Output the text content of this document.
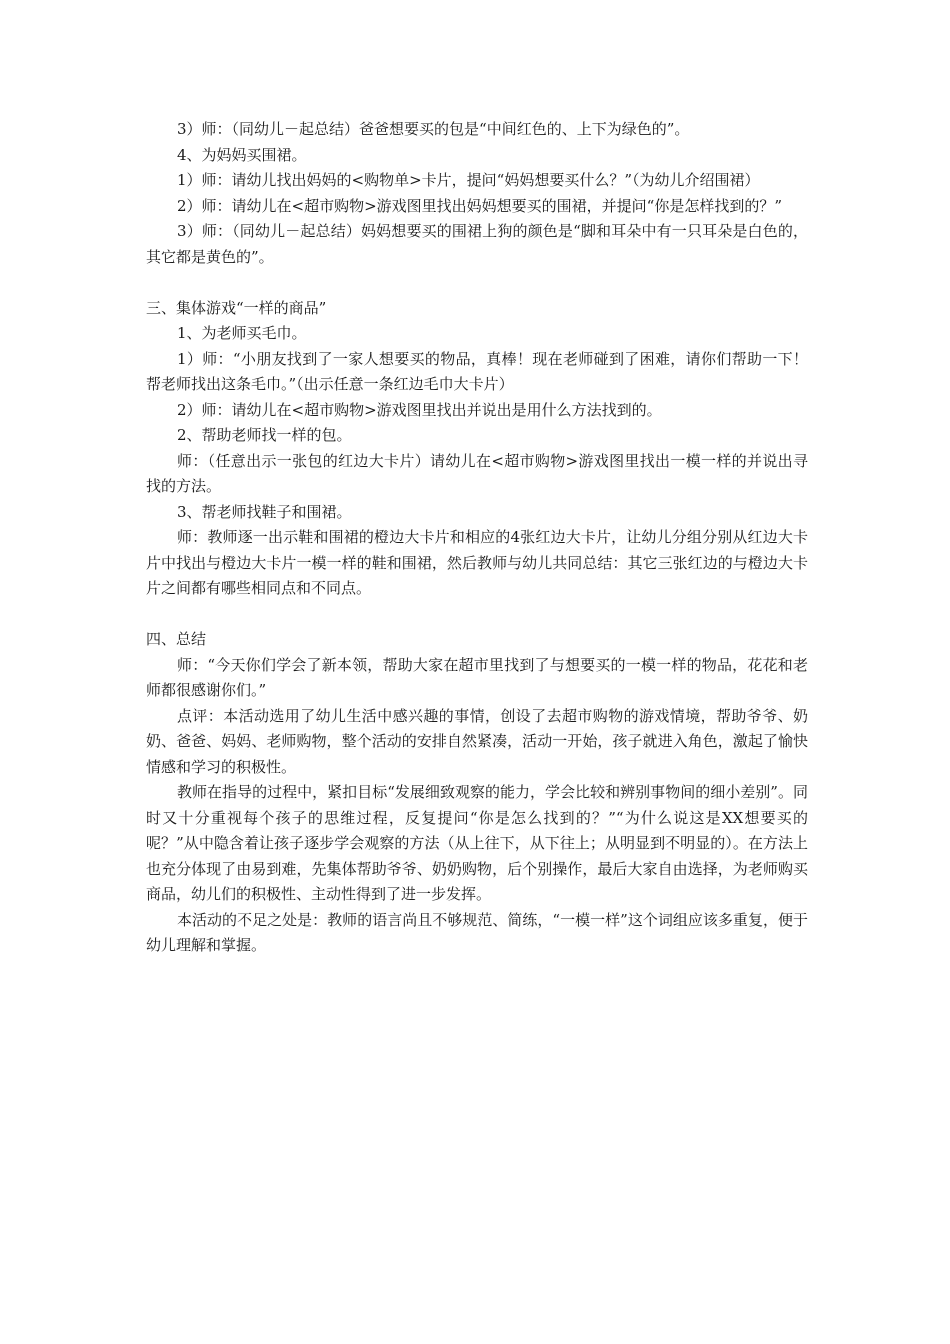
3）师：（同幼儿－起总结）爸爸想要买的包是“中间红色的、上下为绿色的”。

4、为妈妈买围裙。

1）师：请幼儿找出妈妈的<购物单>卡片，提问“妈妈想要买什么？”（为幼儿介绍围裙）

2）师：请幼儿在<超市购物>游戏图里找出妈妈想要买的围裙，并提问“你是怎样找到的？”

3）师：（同幼儿－起总结）妈妈想要买的围裙上狗的颜色是“脚和耳朵中有一只耳朵是白色的，其它都是黄色的”。

三、集体游戏“一样的商品”

1、为老师买毛巾。

1）师：“小朋友找到了一家人想要买的物品，真棒！现在老师碰到了困难，请你们帮助一下！帮老师找出这条毛巾。”（出示任意一条红边毛巾大卡片）

2）师：请幼儿在<超市购物>游戏图里找出并说出是用什么方法找到的。

2、帮助老师找一样的包。

师：（任意出示一张包的红边大卡片）请幼儿在<超市购物>游戏图里找出一模一样的并说出寻找的方法。

3、帮老师找鞋子和围裙。

师：教师逐一出示鞋和围裙的橙边大卡片和相应的4张红边大卡片，让幼儿分组分别从红边大卡片中找出与橙边大卡片一模一样的鞋和围裙，然后教师与幼儿共同总结：其它三张红边的与橙边大卡片之间都有哪些相同点和不同点。

四、总结

师：“今天你们学会了新本领，帮助大家在超市里找到了与想要买的一模一样的物品，花花和老师都很感谢你们。”

点评：本活动选用了幼儿生活中感兴趣的事情，创设了去超市购物的游戏情境，帮助爷爷、奶奶、爸爸、妈妈、老师购物，整个活动的安排自然紧凑，活动一开始，孩子就进入角色，激起了愉快情感和学习的积极性。

教师在指导的过程中，紧扣目标“发展细致观察的能力，学会比较和辨别事物间的细小差别”。同时又十分重视每个孩子的思维过程，反复提问“你是怎么找到的？”“为什么说这是XX想要买的呢？”从中隐含着让孩子逐步学会观察的方法（从上往下，从下往上；从明显到不明显的）。在方法上也充分体现了由易到难，先集体帮助爷爷、奶奶购物，后个别操作，最后大家自由选择，为老师购买商品，幼儿们的积极性、主动性得到了进一步发挥。

本活动的不足之处是：教师的语言尚且不够规范、简练，“一模一样”这个词组应该多重复，便于幼儿理解和掌握。
